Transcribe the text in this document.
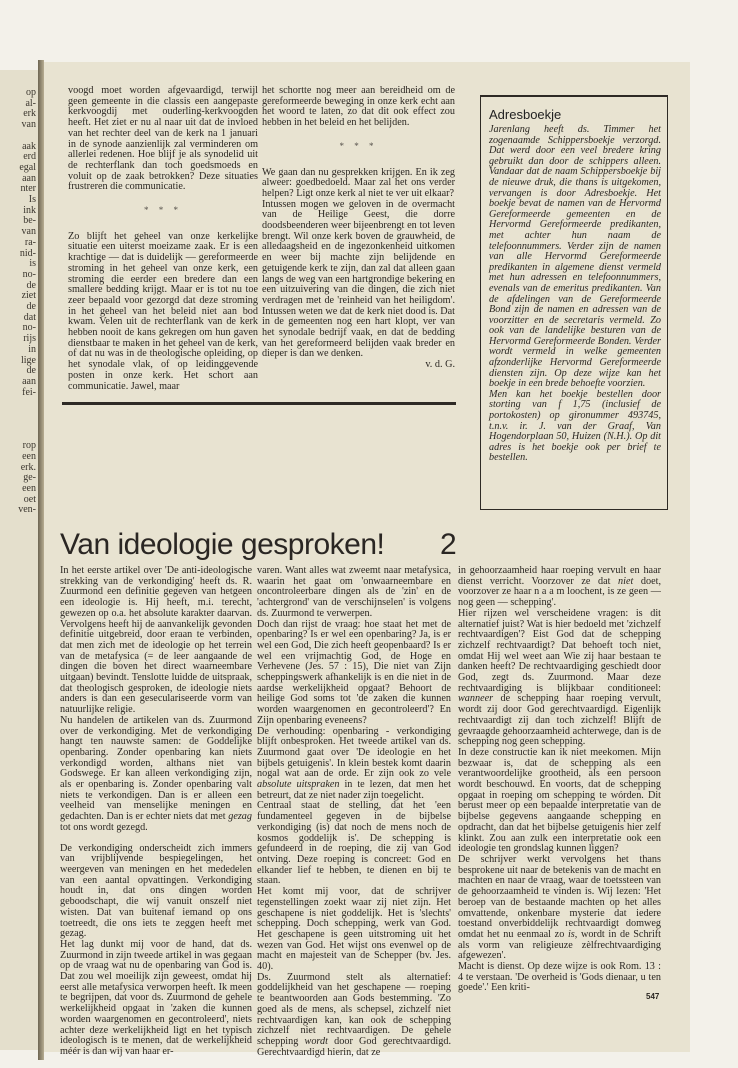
op
al-
erk
van

aak
erd
egal
aan
nter
Is
ink
be-
van
ra-
nid-
is
no-
de
ziet
de
dat
no-
rijs
in
lige
de
aan
fei-

rop
een
erk.
ge-
een
oet
ven-

voogd moet worden afgevaardigd, terwijl geen gemeente in die classis een aangepaste kerkvoogdij met ouderling-kerkvoogden heeft. Het ziet er nu al naar uit dat de invloed van het rechter deel van de kerk na 1 januari in de synode aanzienlijk zal verminderen om allerlei redenen. Hoe blijf je als synodelid uit de rechterflank dan toch goedsmoeds en voluit op de zaak betrokken? Deze situaties frustreren die communicatie.

* * *

Zo blijft het geheel van onze kerkelijke situatie een uiterst moeizame zaak. Er is een krachtige — dat is duidelijk — gereformeerde stroming in het geheel van onze kerk, een stroming die eerder een bredere dan een smallere bedding krijgt. Maar er is tot nu toe zeer bepaald voor gezorgd dat deze stroming in het geheel van het beleid niet aan bod kwam. Velen uit de rechterflank van de kerk hebben nooit de kans gekregen om hun gaven dienstbaar te maken in het geheel van de kerk, of dat nu was in de theologische opleiding, op het synodale vlak, of op leidinggevende posten in onze kerk. Het schort aan communicatie. Jawel, maar

het schortte nog meer aan bereidheid om de gereformeerde beweging in onze kerk echt aan het woord te laten, zo dat dit ook effect zou hebben in het beleid en het belijden.

* * *

We gaan dan nu gesprekken krijgen. En ik zeg alweer: goedbedoeld. Maar zal het ons verder helpen? Ligt onze kerk al niet te ver uit elkaar?

Intussen mogen we geloven in de overmacht van de Heilige Geest, die dorre doodsbeenderen weer bijeenbrengt en tot leven brengt. Wil onze kerk boven de grauwheid, de alledaagsheid en de ingezonkenheid uitkomen en weer bij machte zijn belijdende en getuigende kerk te zijn, dan zal dat alleen gaan langs de weg van een hartgrondige bekering en een uitzuivering van die dingen, die zich niet verdragen met de 'reinheid van het heiligdom'. Intussen weten we dat de kerk niet dood is. Dat in de gemeenten nog een hart klopt, ver van het synodale bedrijf vaak, en dat de bedding van het gereformeerd belijden vaak breder en dieper is dan we denken.

v. d. G.
Adresboekje

Jarenlang heeft ds. Timmer het zogenaamde Schippersboekje verzorgd. Dat werd door een veel bredere kring gebruikt dan door de schippers alleen. Vandaar dat de naam Schippersboekje bij de nieuwe druk, die thans is uitgekomen, vervangen is door Adresboekje. Het boekje bevat de namen van de Hervormd Gereformeerde gemeenten en de Hervormd Gereformeerde predikanten, met achter hun naam de telefoonnummers. Verder zijn de namen van alle Hervormd Gereformeerde predikanten in algemene dienst vermeld met hun adressen en telefoonnummers, evenals van de emeritus predikanten. Van de afdelingen van de Gereformeerde Bond zijn de namen en adressen van de voorzitter en de secretaris vermeld. Zo ook van de landelijke besturen van de Hervormd Gereformeerde Bonden. Verder wordt vermeld in welke gemeenten afzonderlijke Hervormd Gereformeerde diensten zijn. Op deze wijze kan het boekje in een brede behoefte voorzien.

Men kan het boekje bestellen door storting van f 1,75 (inclusief de portokosten) op gironummer 493745, t.n.v. ir. J. van der Graaf, Van Hogendorplaan 50, Huizen (N.H.). Op dit adres is het boekje ook per brief te bestellen.

Van ideologie gesproken! 2

In het eerste artikel over 'De anti-ideologische strekking van de verkondiging' heeft ds. R. Zuurmond een definitie gegeven van hetgeen een ideologie is. Hij heeft, m.i. terecht, gewezen op o.a. het absolute karakter daarvan. Vervolgens heeft hij de aanvankelijk gevonden definitie uitgebreid, door eraan te verbinden, dat men zich met de ideologie op het terrein van de metafysica (= de leer aangaande de dingen die boven het direct waarneembare uitgaan) bevindt. Tenslotte luidde de uitspraak, dat theologisch gesproken, de ideologie niets anders is dan een geseculariseerde vorm van natuurlijke religie.

Nu handelen de artikelen van ds. Zuurmond over de verkondiging. Met de verkondiging hangt ten nauwste samen: de Goddelijke openbaring. Zonder openbaring kan niets verkondigd worden, althans niet van Godswege. Er kan alleen verkondiging zijn, als er openbaring is. Zonder openbaring valt niets te verkondigen. Dan is er alleen een veelheid van menselijke meningen en gedachten. Dan is er echter niets dat met gezag tot ons wordt gezegd.

De verkondiging onderscheidt zich immers van vrijblijvende bespiegelingen, het weergeven van meningen en het mededelen van een aantal opvattingen. Verkondiging houdt in, dat ons dingen worden geboodschapt, die wij vanuit onszelf niet wisten. Dat van buitenaf iemand op ons toetreedt, die ons iets te zeggen heeft met gezag.

Het lag dunkt mij voor de hand, dat ds. Zuurmond in zijn tweede artikel in was gegaan op de vraag wat nu de openbaring van God is. Dat zou wel moeilijk zijn geweest, omdat hij eerst alle metafysica verworpen heeft. Ik meen te begrijpen, dat voor ds. Zuurmond de gehele werkelijkheid opgaat in 'zaken die kunnen worden waargenomen en gecontroleerd', niets achter deze werkelijkheid ligt en het typisch ideologisch is te menen, dat de werkelijkheid méér is dan wij van haar er-

varen. Want alles wat zweemt naar metafysica, waarin het gaat om 'onwaarneembare en oncontroleerbare dingen als de 'zin' en de 'achtergrond' van de verschijnselen' is volgens ds. Zuurmond te verwerpen.

Doch dan rijst de vraag: hoe staat het met de openbaring? Is er wel een openbaring? Ja, is er wel een God, Die zich heeft geopenbaard? Is er wel een vrijmachtig God, de Hoge en Verhevene (Jes. 57 : 15), Die niet van Zijn scheppingswerk afhankelijk is en die niet in de aardse werkelijkheid opgaat? Behoort de heilige God soms tot 'de zaken die kunnen worden waargenomen en gecontroleerd'? En Zijn openbaring eveneens?

De verhouding: openbaring - verkondiging blijft onbesproken. Het tweede artikel van ds. Zuurmond gaat over 'De ideologie en het bijbels getuigenis'. In klein bestek komt daarin nogal wat aan de orde. Er zijn ook zo vele absolute uitspraken in te lezen, dat men het betreurt, dat ze niet nader zijn toegelicht.

Centraal staat de stelling, dat het 'een fundamenteel gegeven in de bijbelse verkondiging (is) dat noch de mens noch de kosmos goddelijk is'. De schepping is gefundeerd in de roeping, die zij van God ontving. Deze roeping is concreet: God en elkander lief te hebben, te dienen en bij te staan.

Het komt mij voor, dat de schrijver tegenstellingen zoekt waar zij niet zijn. Het geschapene is niet goddelijk. Het is 'slechts' schepping. Doch schepping, werk van God. Het geschapene is geen uitstroming uit het wezen van God. Het wijst ons evenwel op de macht en majesteit van de Schepper (bv. Jes. 40).

Ds. Zuurmond stelt als alternatief: goddelijkheid van het geschapene — roeping te beantwoorden aan Gods bestemming. 'Zo goed als de mens, als schepsel, zichzelf niet rechtvaardigen kan, kan ook de schepping zichzelf niet rechtvaardigen. De gehele schepping wordt door God gerechtvaardigd. Gerechtvaardigd hierin, dat ze

in gehoorzaamheid haar roeping vervult en haar dienst verricht. Voorzover ze dat niet doet, voorzover ze haar n a a m loochent, is ze geen — nog geen — schepping'.

Hier rijzen wel verscheidene vragen: is dit alternatief juist? Wat is hier bedoeld met 'zichzelf rechtvaardigen'? Eist God dat de schepping zichzelf rechtvaardigt? Dat behoeft toch niet, omdat Hij wel weet aan Wie zij haar bestaan te danken heeft? De rechtvaardiging geschiedt door God, zegt ds. Zuurmond. Maar deze rechtvaardiging is blijkbaar conditioneel: wanneer de schepping haar roeping vervult, wordt zij door God gerechtvaardigd. Eigenlijk rechtvaardigt zij dan toch zichzelf! Blijft de gevraagde gehoorzaamheid achterwege, dan is de schepping nog geen schepping.

In deze constructie kan ik niet meekomen. Mijn bezwaar is, dat de schepping als een verantwoordelijke grootheid, als een persoon wordt beschouwd. En voorts, dat de schepping opgaat in roeping om schepping te wórden. Dit berust meer op een bepaalde interpretatie van de bijbelse gegevens aangaande schepping en opdracht, dan dat het bijbelse getuigenis hier zelf klinkt. Zou aan zulk een interpretatie ook een ideologie ten grondslag kunnen liggen?

De schrijver werkt vervolgens het thans besprokene uit naar de betekenis van de macht en machten en naar de vraag, waar de toetssteen van de gehoorzaamheid te vinden is. Wij lezen: 'Het beroep van de bestaande machten op het alles omvattende, onkenbare mysterie dat iedere toestand onverbiddelijk rechtvaardigt domweg omdat het nu eenmaal zo is, wordt in de Schrift als vorm van religieuze zèlfrechtvaardiging afgewezen'.

Macht is dienst. Op deze wijze is ook Rom. 13 : 4 te verstaan. 'De overheid is 'Gods dienaar, u ten goede'.' Een kriti-

547
